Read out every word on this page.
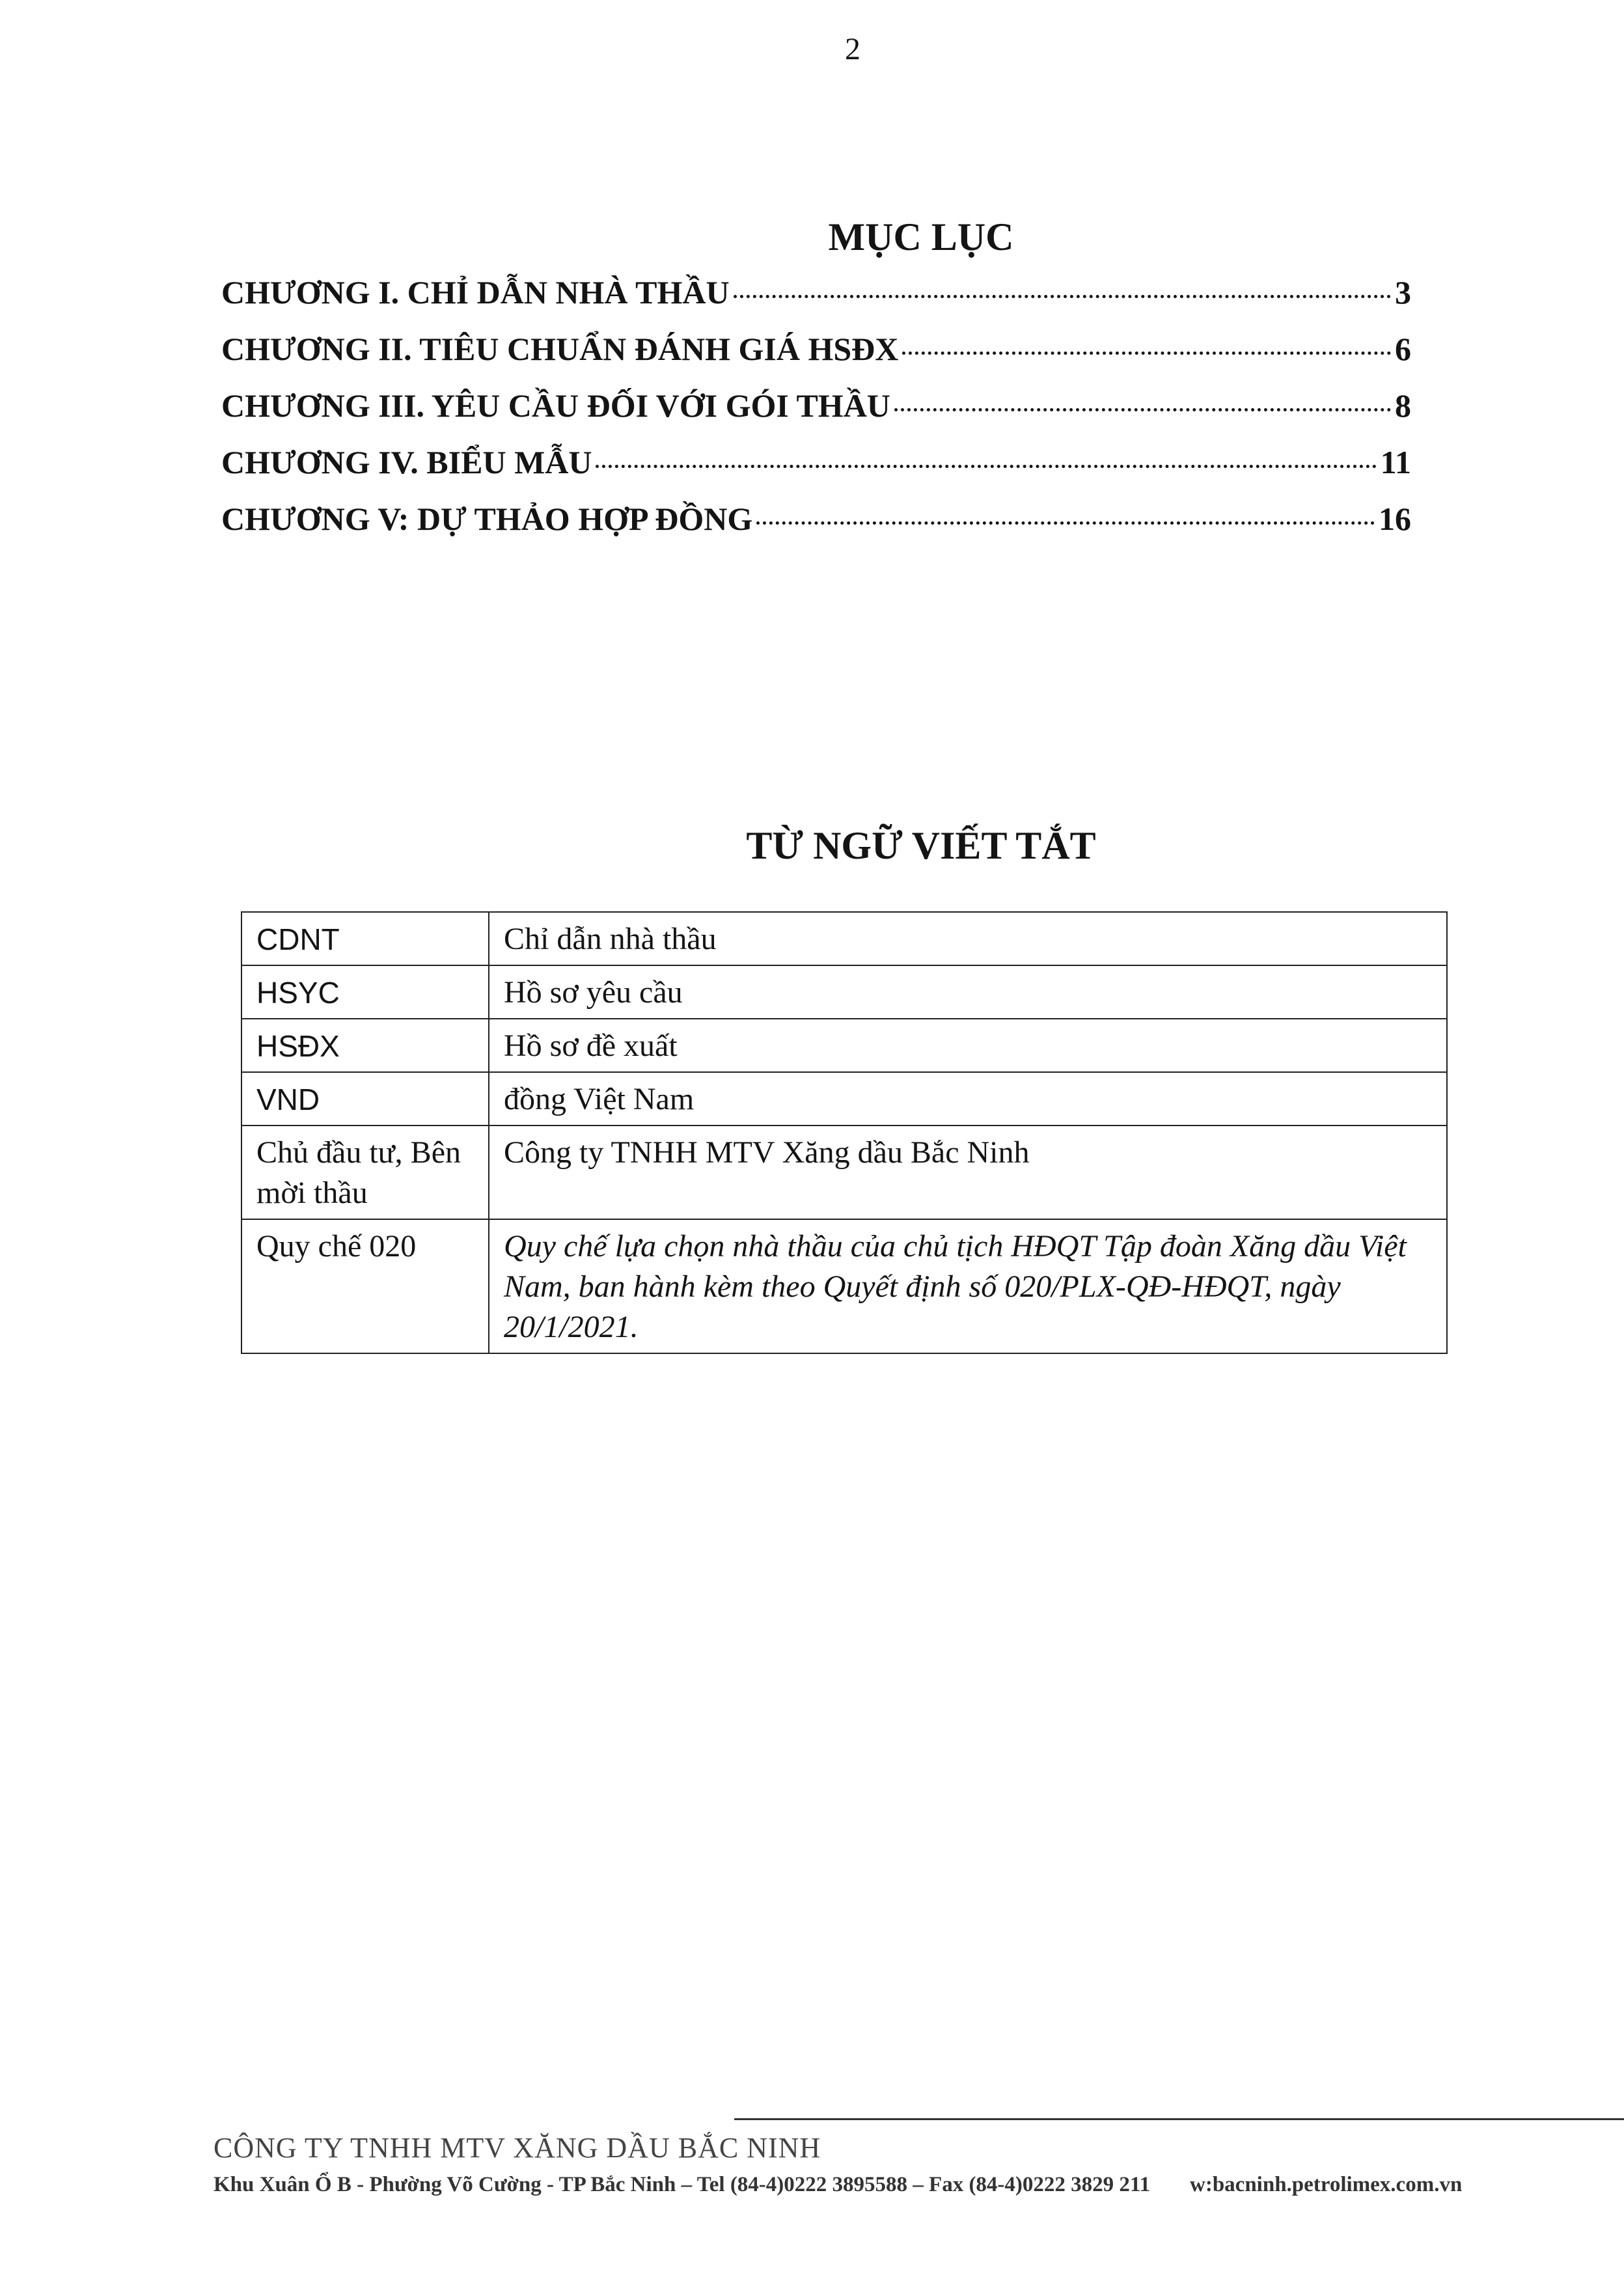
2
MỤC LỤC
CHƯƠNG I. CHỈ DẪN NHÀ THẦU	3
CHƯƠNG II. TIÊU CHUẨN ĐÁNH GIÁ HSĐX	6
CHƯƠNG III. YÊU CẦU ĐỐI VỚI GÓI THẦU	8
CHƯƠNG IV. BIỂU MẪU	11
CHƯƠNG V: DỰ THẢO HỢP ĐỒNG	16
TỪ NGỮ VIẾT TẮT
CDNT	Chỉ dẫn nhà thầu
HSYC	Hồ sơ yêu cầu
HSĐX	Hồ sơ đề xuất
VND	đồng Việt Nam
Chủ đầu tư, Bên mời thầu	Công ty TNHH MTV Xăng dầu Bắc Ninh
Quy chế 020	Quy chế lựa chọn nhà thầu của chủ tịch HĐQT Tập đoàn Xăng dầu Việt Nam, ban hành kèm theo Quyết định số 020/PLX-QĐ-HĐQT, ngày 20/1/2021.
CÔNG TY TNHH MTV XĂNG DẦU BẮC NINH
Khu Xuân Ổ B - Phường Võ Cường - TP Bắc Ninh – Tel (84-4)0222 3895588 – Fax (84-4)0222 3829 211 w:bacninh.petrolimex.com.vn
